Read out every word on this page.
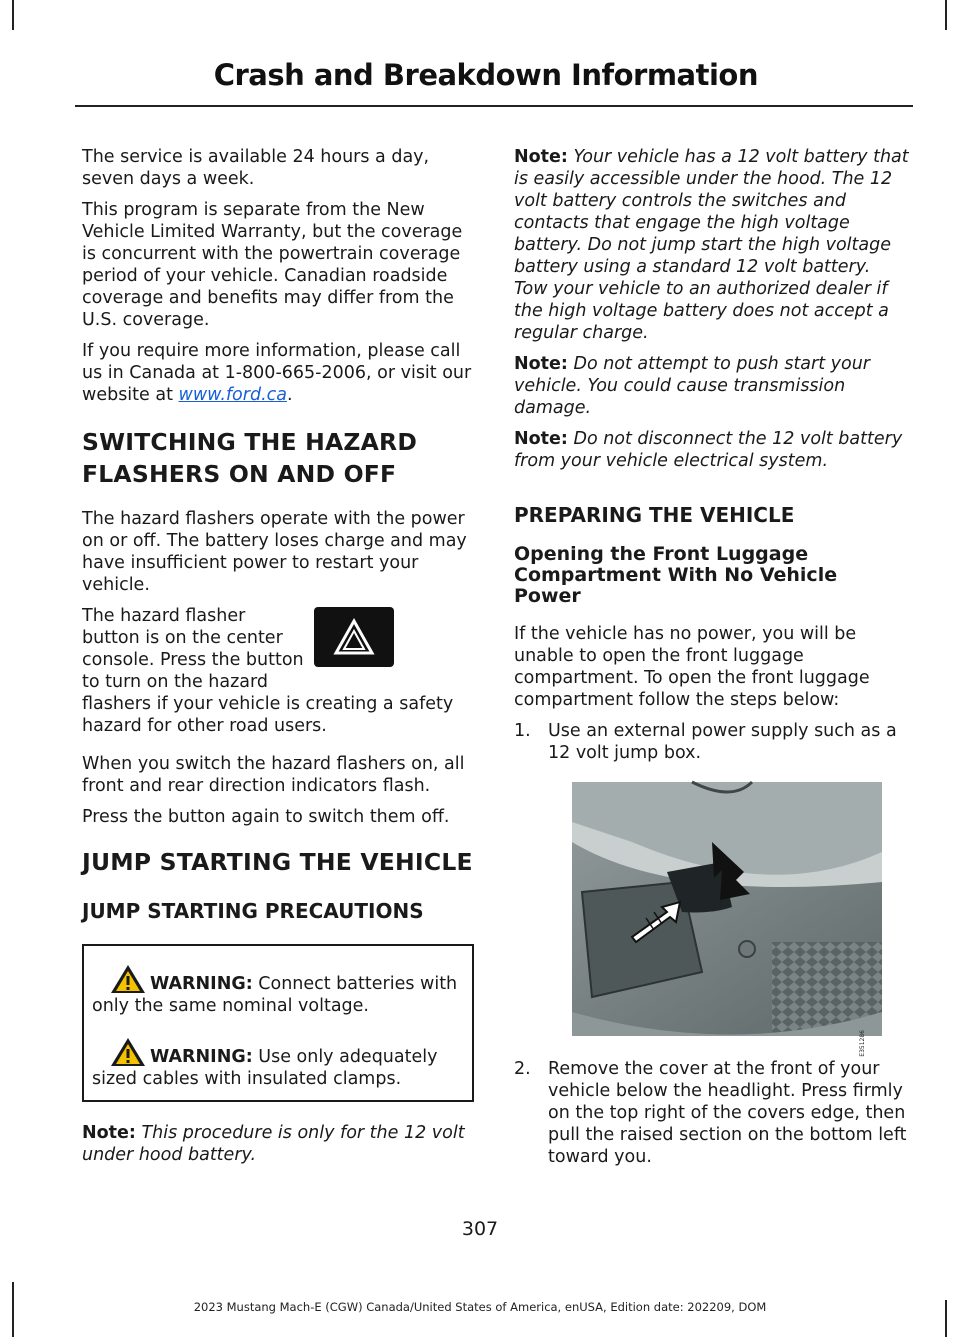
Crash and Breakdown Information

The service is available 24 hours a day, seven days a week.

This program is separate from the New Vehicle Limited Warranty, but the coverage is concurrent with the powertrain coverage period of your vehicle. Canadian roadside coverage and benefits may differ from the U.S. coverage.

If you require more information, please call us in Canada at 1-800-665-2006, or visit our website at www.ford.ca.

SWITCHING THE HAZARD
FLASHERS ON AND OFF

The hazard flashers operate with the power on or off. The battery loses charge and may have insufficient power to restart your vehicle.

The hazard flasher button is on the center console. Press the button to turn on the hazard flashers if your vehicle is creating a safety hazard for other road users.

When you switch the hazard flashers on, all front and rear direction indicators flash.

Press the button again to switch them off.

JUMP STARTING THE VEHICLE
JUMP STARTING PRECAUTIONS

WARNING: Connect batteries with only the same nominal voltage.

WARNING: Use only adequately sized cables with insulated clamps.

Note: This procedure is only for the 12 volt under hood battery.

Note: Your vehicle has a 12 volt battery that is easily accessible under the hood. The 12 volt battery controls the switches and contacts that engage the high voltage battery. Do not jump start the high voltage battery using a standard 12 volt battery. Tow your vehicle to an authorized dealer if the high voltage battery does not accept a regular charge.

Note: Do not attempt to push start your vehicle. You could cause transmission damage.

Note: Do not disconnect the 12 volt battery from your vehicle electrical system.

PREPARING THE VEHICLE
Opening the Front Luggage Compartment With No Vehicle Power

If the vehicle has no power, you will be unable to open the front luggage compartment. To open the front luggage compartment follow the steps below:

1. Use an external power supply such as a 12 volt jump box.
E351286
2. Remove the cover at the front of your vehicle below the headlight. Press firmly on the top right of the covers edge, then pull the raised section on the bottom left toward you.
307
2023 Mustang Mach-E (CGW) Canada/United States of America, enUSA, Edition date: 202209, DOM
